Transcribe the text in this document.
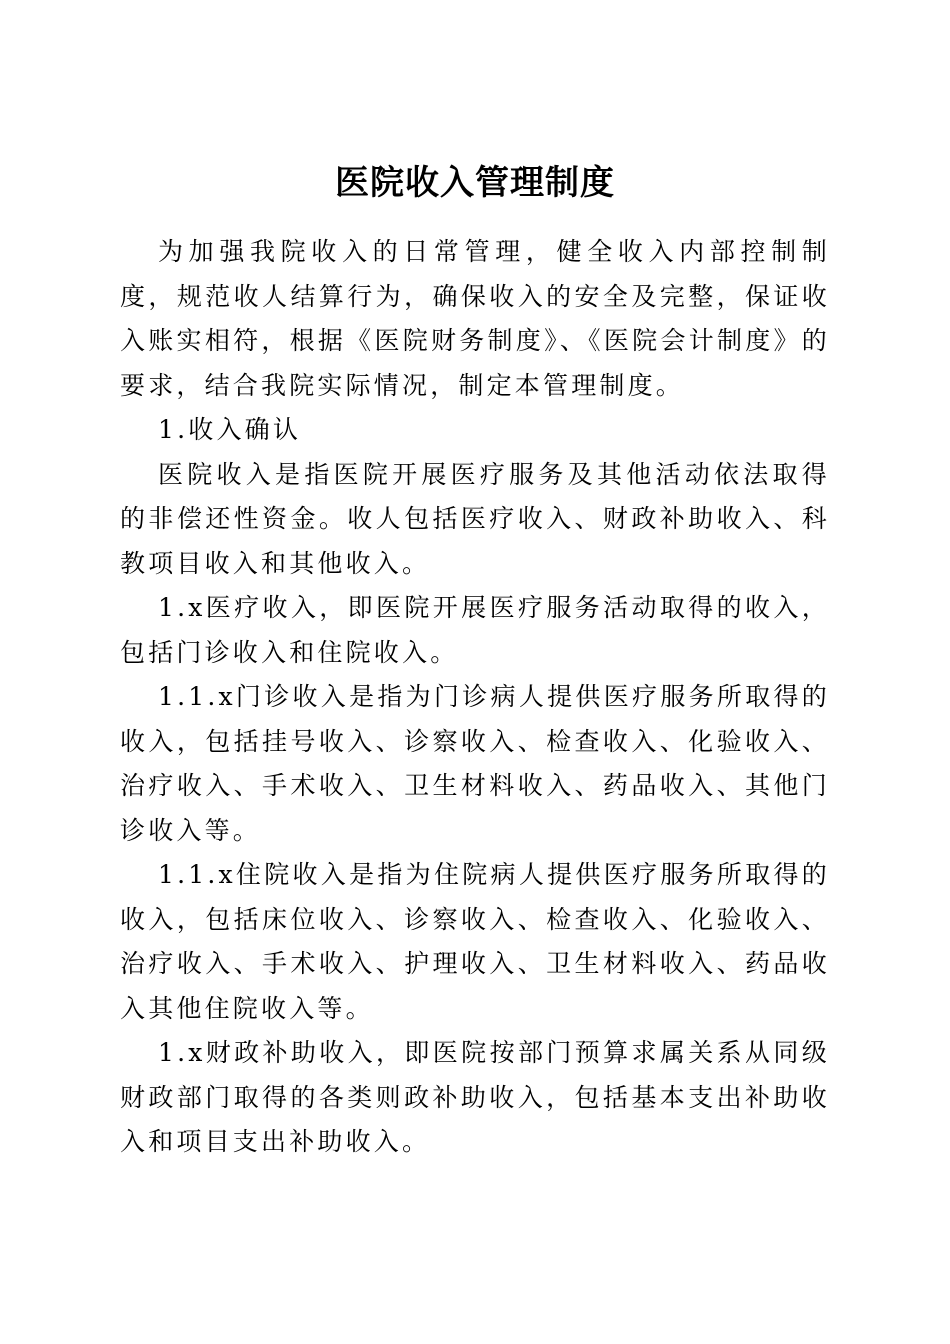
医院收入管理制度

为加强我院收入的日常管理，健全收入内部控制制度，规范收人结算行为，确保收入的安全及完整，保证收入账实相符，根据《医院财务制度》、《医院会计制度》的要求，结合我院实际情况，制定本管理制度。

1.收入确认

医院收入是指医院开展医疗服务及其他活动依法取得的非偿还性资金。收人包括医疗收入、财政补助收入、科教项目收入和其他收入。

1.x医疗收入，即医院开展医疗服务活动取得的收入，包括门诊收入和住院收入。

1.1.x门诊收入是指为门诊病人提供医疗服务所取得的收入，包括挂号收入、诊察收入、检查收入、化验收入、治疗收入、手术收入、卫生材料收入、药品收入、其他门诊收入等。

1.1.x住院收入是指为住院病人提供医疗服务所取得的收入，包括床位收入、诊察收入、检查收入、化验收入、治疗收入、手术收入、护理收入、卫生材料收入、药品收入其他住院收入等。

1.x财政补助收入，即医院按部门预算求属关系从同级财政部门取得的各类则政补助收入，包括基本支出补助收入和项目支出补助收入。
